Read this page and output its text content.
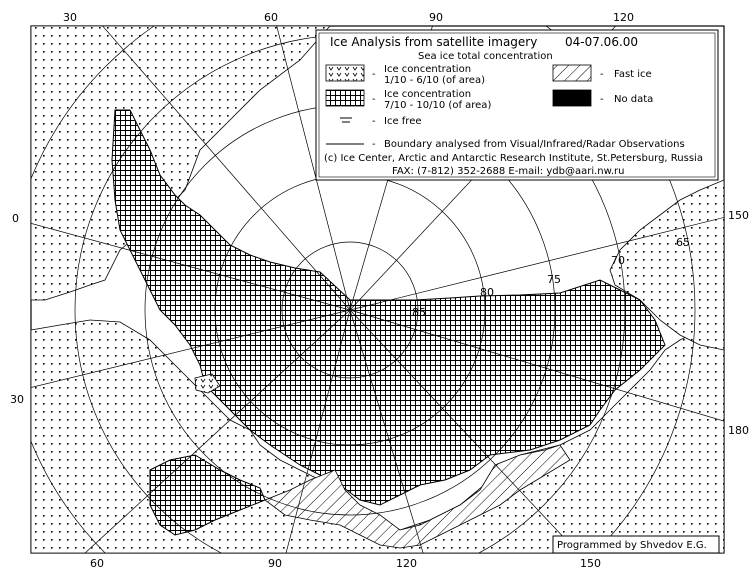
30	60	90	120
0
30
150
180
60	90	120	150
85
80
75
70
65
Ice Analysis from satellite imagery 04-07.06.00
Sea ice total concentration
- Ice concentration
1/10 - 6/10 (of area)
- Fast ice
- Ice concentration
7/10 - 10/10 (of area)
- No data
- Ice free
- Boundary analysed from Visual/Infrared/Radar Observations
(c) Ice Center, Arctic and Antarctic Research Institute, St.Petersburg, Russia
FAX: (7-812) 352-2688 E-mail: ydb@aari.nw.ru
Programmed by Shvedov E.G.
